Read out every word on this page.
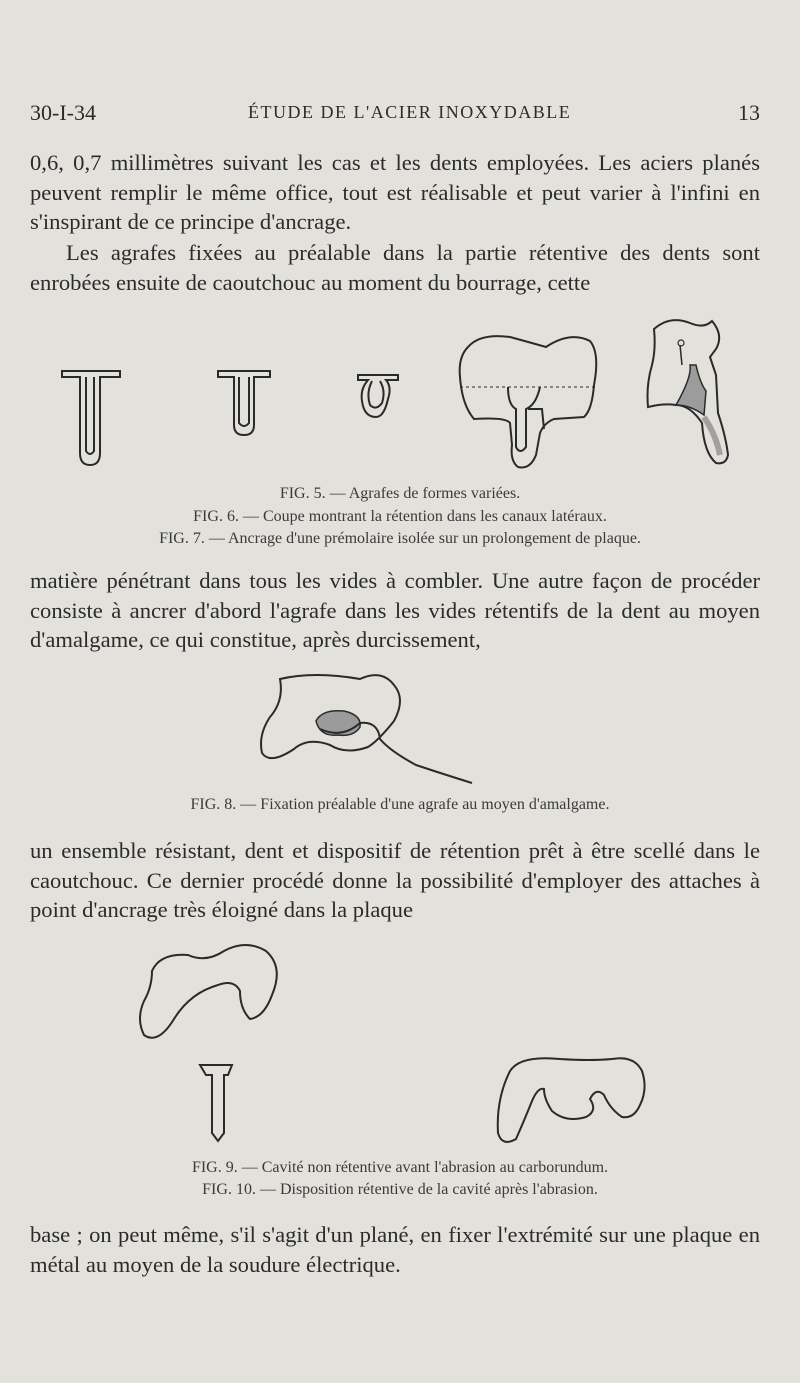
30-I-34	ÉTUDE DE L'ACIER INOXYDABLE	13

0,6, 0,7 millimètres suivant les cas et les dents employées. Les aciers planés peuvent remplir le même office, tout est réalisable et peut varier à l'infini en s'inspirant de ce principe d'ancrage.

Les agrafes fixées au préalable dans la partie rétentive des dents sont enrobées ensuite de caoutchouc au moment du bourrage, cette

FIG. 5. — Agrafes de formes variées.

FIG. 6. — Coupe montrant la rétention dans les canaux latéraux.

FIG. 7. — Ancrage d'une prémolaire isolée sur un prolongement de plaque.

matière pénétrant dans tous les vides à combler. Une autre façon de procéder consiste à ancrer d'abord l'agrafe dans les vides rétentifs de la dent au moyen d'amalgame, ce qui constitue, après durcissement,

FIG. 8. — Fixation préalable d'une agrafe au moyen d'amalgame.

un ensemble résistant, dent et dispositif de rétention prêt à être scellé dans le caoutchouc. Ce dernier procédé donne la possibilité d'employer des attaches à point d'ancrage très éloigné dans la plaque

FIG. 9. — Cavité non rétentive avant l'abrasion au carborundum.

FIG. 10. — Disposition rétentive de la cavité après l'abrasion.

base ; on peut même, s'il s'agit d'un plané, en fixer l'extrémité sur une plaque en métal au moyen de la soudure électrique.
